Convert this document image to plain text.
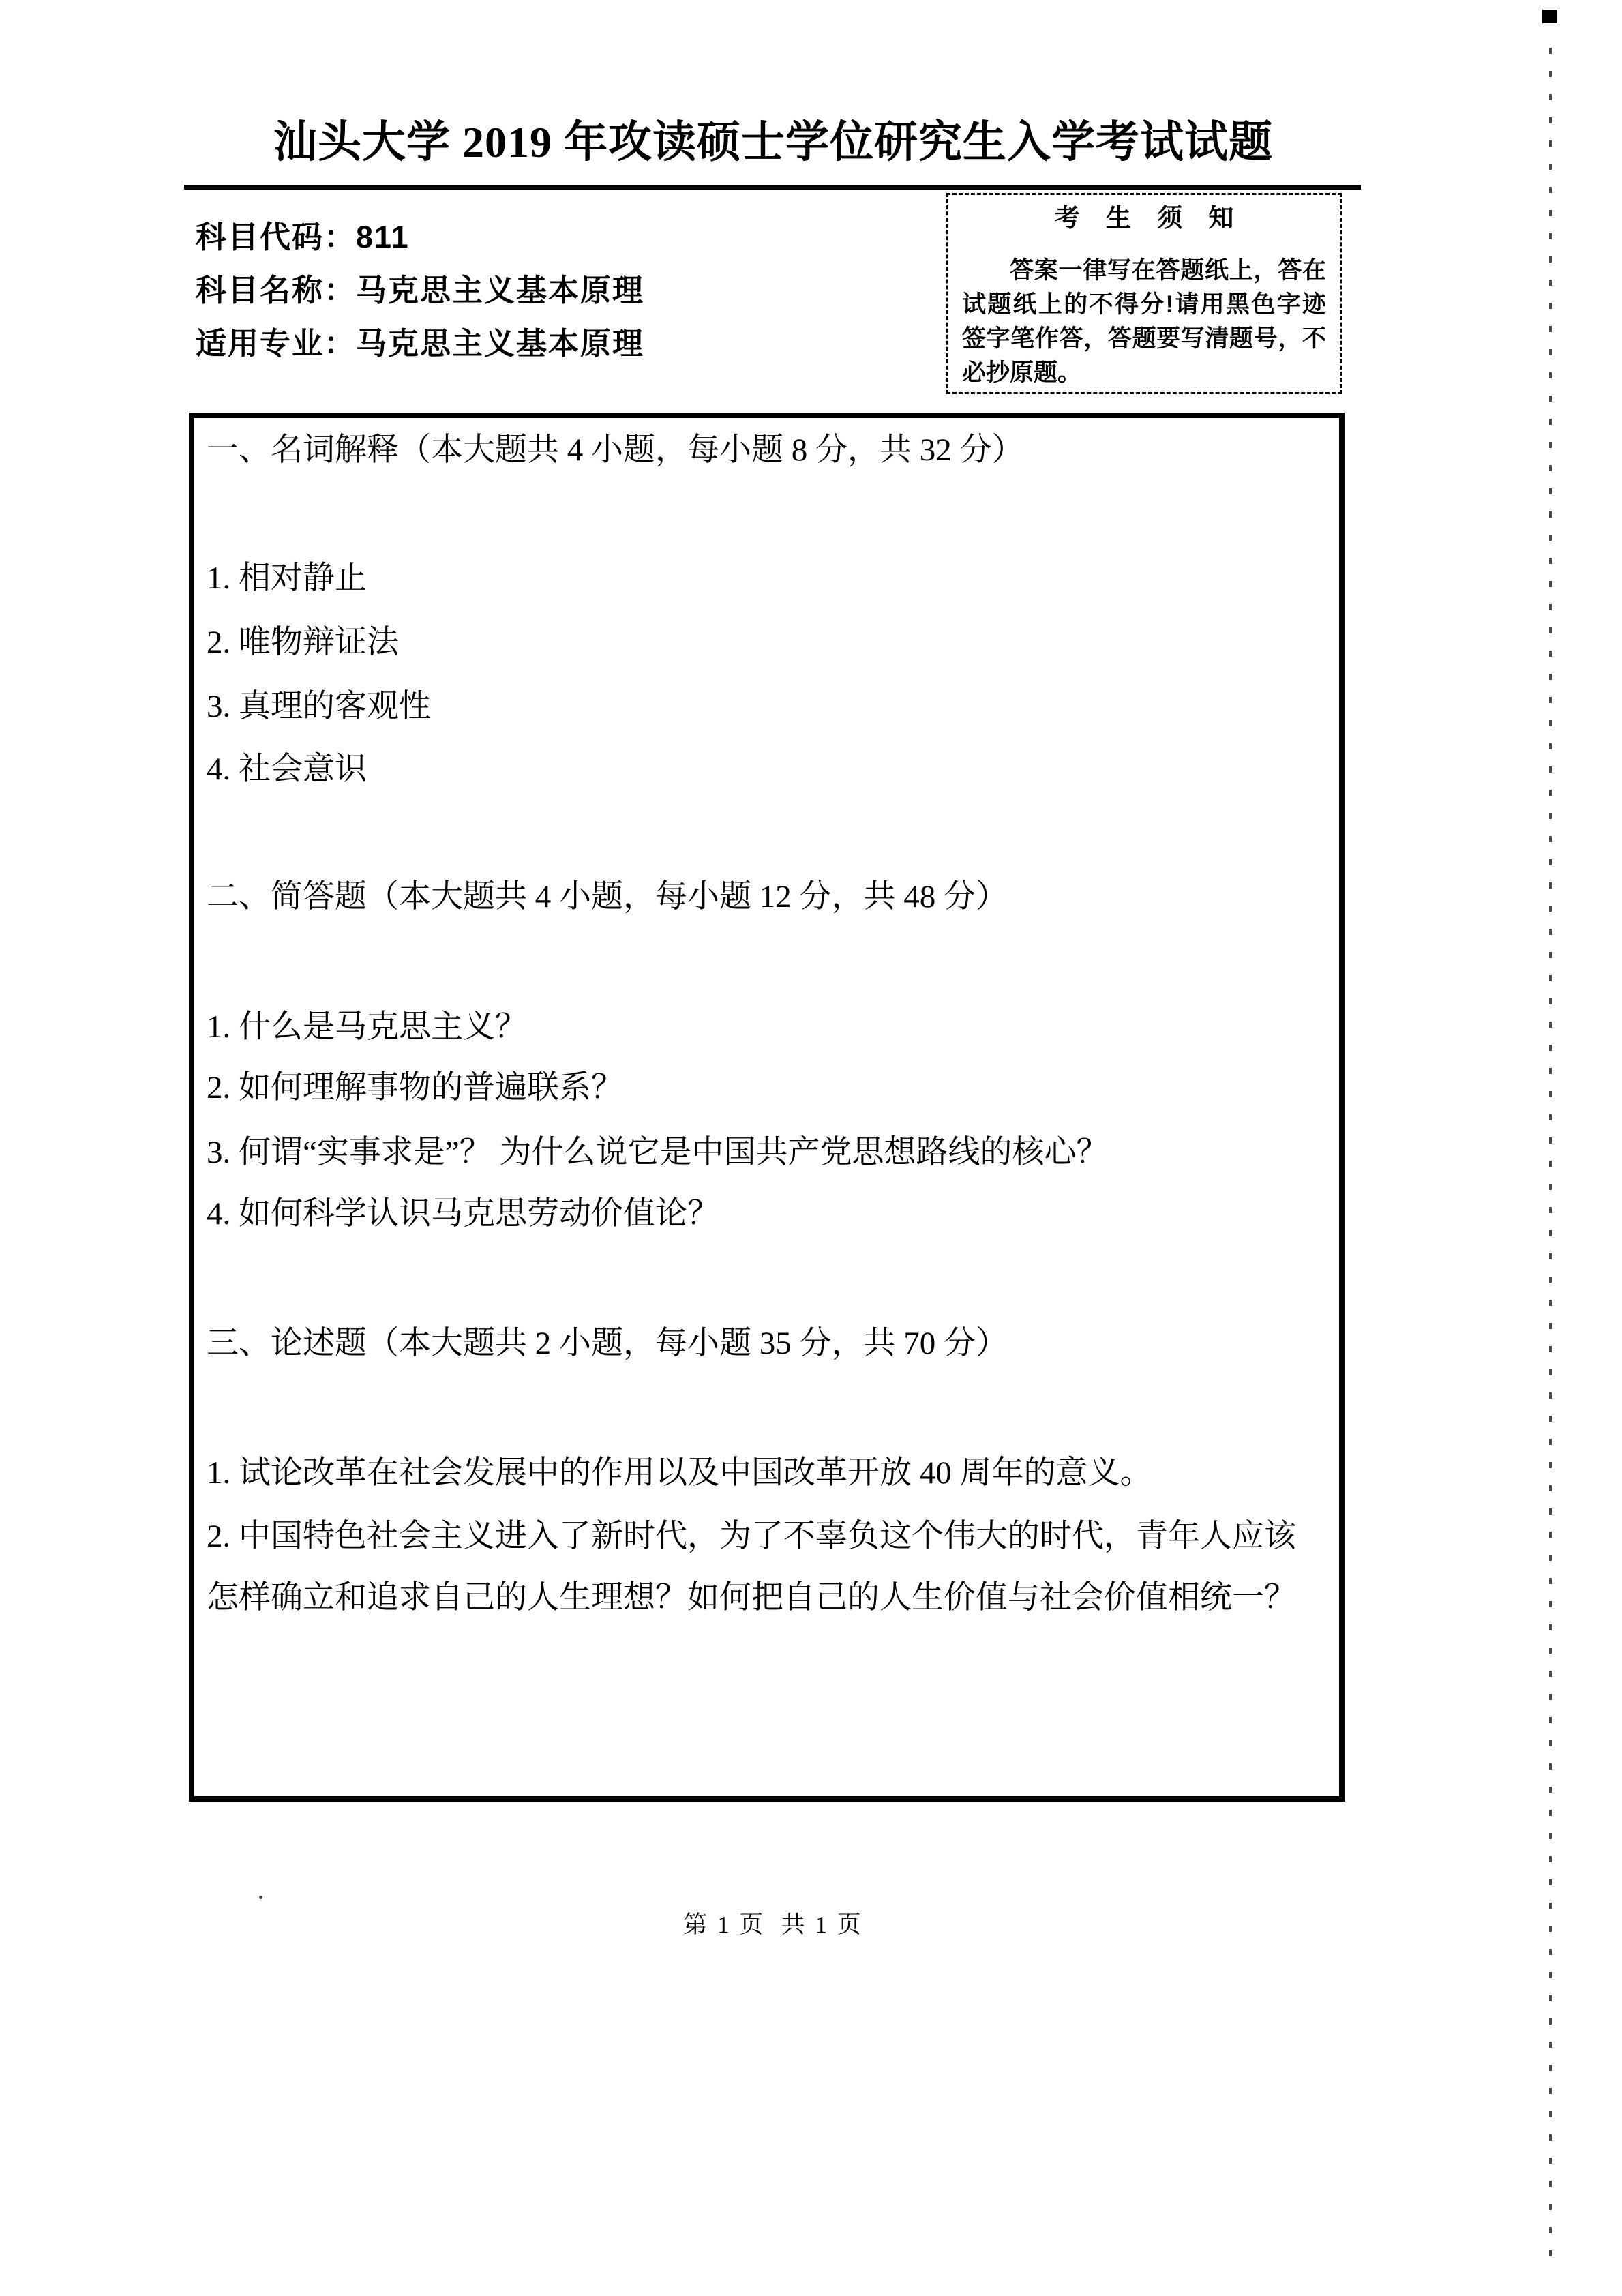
汕头大学 2019 年攻读硕士学位研究生入学考试试题
科目代码：811
科目名称：马克思主义基本原理
适用专业：马克思主义基本原理
考 生 须 知

答案一律写在答题纸上，答在试题纸上的不得分!请用黑色字迹签字笔作答，答题要写清题号，不必抄原题。

一、名词解释（本大题共 4 小题，每小题 8 分，共 32 分）
1. 相对静止
2. 唯物辩证法
3. 真理的客观性
4. 社会意识
二、简答题（本大题共 4 小题，每小题 12 分，共 48 分）
1. 什么是马克思主义？
2. 如何理解事物的普遍联系？
3. 何谓“实事求是”？ 为什么说它是中国共产党思想路线的核心？
4. 如何科学认识马克思劳动价值论？
三、论述题（本大题共 2 小题，每小题 35 分，共 70 分）
1. 试论改革在社会发展中的作用以及中国改革开放 40 周年的意义。
2. 中国特色社会主义进入了新时代，为了不辜负这个伟大的时代，青年人应该怎样确立和追求自己的人生理想？如何把自己的人生价值与社会价值相统一？
第 1 页  共 1 页
